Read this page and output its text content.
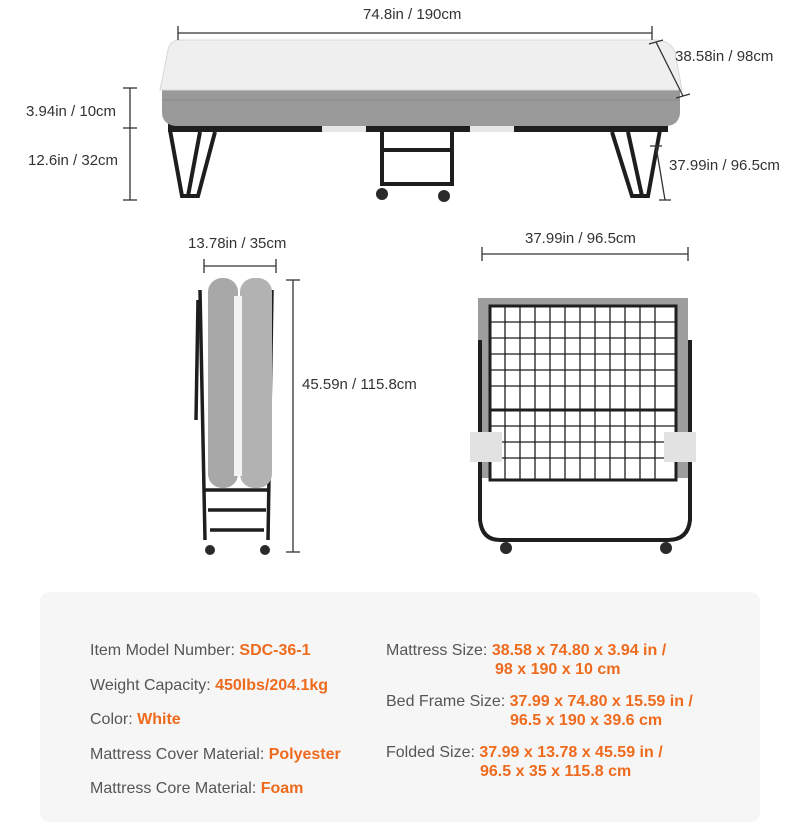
74.8in / 190cm
38.58in / 98cm
3.94in / 10cm
12.6in / 32cm	37.99in / 96.5cm
13.78in / 35cm
45.59n / 115.8cm
37.99in / 96.5cm
Item Model Number: SDC-36-1
Weight Capacity: 450lbs/204.1kg
Color: White
Mattress Cover Material: Polyester
Mattress Core Material: Foam
Mattress Size: 38.58 x 74.80 x 3.94 in /
98 x 190 x 10 cm
Bed Frame Size: 37.99 x 74.80 x 15.59 in /
96.5 x 190 x 39.6 cm
Folded Size: 37.99 x 13.78 x 45.59 in /
96.5 x 35 x 115.8 cm
